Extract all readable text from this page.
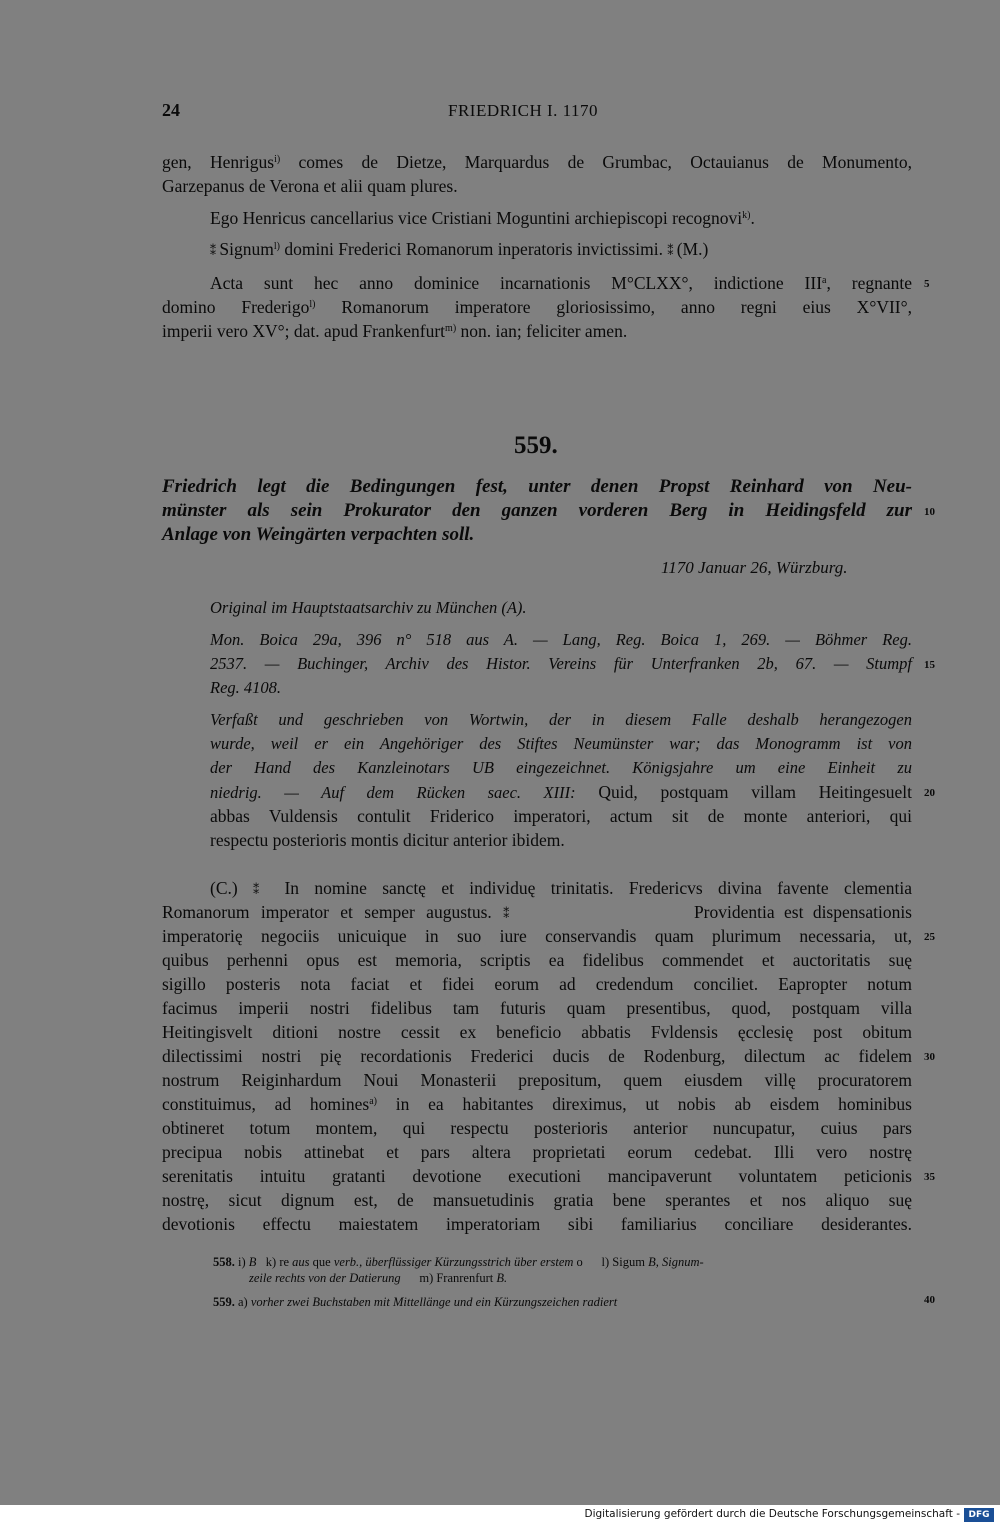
24	FRIEDRICH I. 1170
gen, Henrigus$^{i)}$ comes de Dietze, Marquardus de Grumbac, Octauianus de Monumento,
Garzepanus de Verona et alii quam plures.
Ego Henricus cancellarius vice Cristiani Moguntini archiepiscopi recognovi$^{k)}$.
⁑ Signum$^{l)}$ domini Frederici Romanorum inperatoris invictissimi. ⁑ (M.)
Acta sunt hec anno dominice incarnationis M°CLXX°, indictione III$^a$, regnante
domino Frederigo$^{l)}$ Romanorum imperatore gloriosissimo, anno regni eius X°VII°,
imperii vero XV°; dat. apud Frankenfurt$^{m)}$ non. ian; feliciter amen.
559.
Friedrich legt die Bedingungen fest, unter denen Propst Reinhard von Neu-
münster als sein Prokurator den ganzen vorderen Berg in Heidingsfeld zur
Anlage von Weingärten verpachten soll.
1170 Januar 26, Würzburg.
Original im Hauptstaatsarchiv zu München (A).
Mon. Boica 29a, 396 n° 518 aus A. — Lang, Reg. Boica 1, 269. — Böhmer Reg.
2537. — Buchinger, Archiv des Histor. Vereins für Unterfranken 2b, 67. — Stumpf
Reg. 4108.
Verfaßt und geschrieben von Wortwin, der in diesem Falle deshalb herangezogen
wurde, weil er ein Angehöriger des Stiftes Neumünster war; das Monogramm ist von
der Hand des Kanzleinotars UB eingezeichnet. Königsjahre um eine Einheit zu
niedrig. — Auf dem Rücken saec. XIII: Quid, postquam villam Heitingesuelt
abbas Vuldensis contulit Friderico imperatori, actum sit de monte anteriori, qui
respectu posterioris montis dicitur anterior ibidem.
(C.) ⁑ In nomine sanctę et individuę trinitatis. Fredericvs divina favente clementia
Romanorum imperator et semper augustus. ⁑	Providentia est dispensationis
imperatorię negociis unicuique in suo iure conservandis quam plurimum necessaria, ut,
quibus perhenni opus est memoria, scriptis ea fidelibus commendet et auctoritatis suę
sigillo posteris nota faciat et fidei eorum ad credendum conciliet. Eapropter notum
facimus imperii nostri fidelibus tam futuris quam presentibus, quod, postquam villa
Heitingisvelt ditioni nostre cessit ex beneficio abbatis Fvldensis ęcclesię post obitum
dilectissimi nostri pię recordationis Frederici ducis de Rodenburg, dilectum ac fidelem
nostrum Reiginhardum Noui Monasterii prepositum, quem eiusdem villę procuratorem
constituimus, ad homines$^{a)}$ in ea habitantes direximus, ut nobis ab eisdem hominibus
obtineret totum montem, qui respectu posterioris anterior nuncupatur, cuius pars
precipua nobis attinebat et pars altera proprietati eorum cedebat. Illi vero nostrę
serenitatis intuitu gratanti devotione executioni mancipaverunt voluntatem peticionis
nostrę, sicut dignum est, de mansuetudinis gratia bene sperantes et nos aliquo suę
devotionis effectu maiestatem imperatoriam sibi familiarius conciliare desiderantes.
5
10
15
20
25
30
35
40
558. i) B   k) re aus que verb., überflüssiger Kürzungsstrich über erstem o      l) Sigum B, Signum-
zeile rechts von der Datierung      m) Franrenfurt B.
559. a) vorher zwei Buchstaben mit Mittellänge und ein Kürzungszeichen radiert
Digitalisierung gefördert durch die Deutsche Forschungsgemeinschaft - DFG
